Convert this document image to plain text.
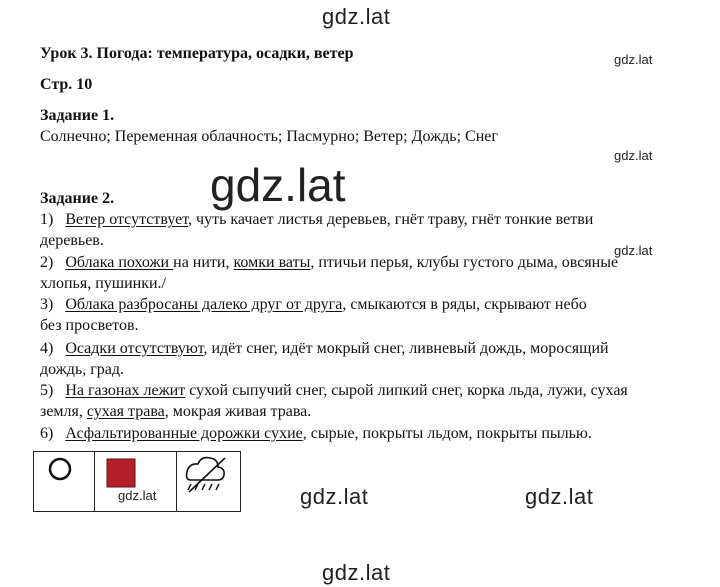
gdz.lat
gdz.lat
gdz.lat
gdz.lat
gdz.lat
Урок 3. Погода: температура, осадки, ветер
Стр. 10
Задание 1.
Солнечно; Переменная облачность; Пасмурно; Ветер; Дождь; Снег
Задание 2.
1) Ветер отсутствует, чуть качает листья деревьев, гнёт траву, гнёт тонкие ветви
деревьев.
2) Облака похожи на нити, комки ваты, птичьи перья, клубы густого дыма, овсяные
хлопья, пушинки./
3) Облака разбросаны далеко друг от друга, смыкаются в ряды, скрывают небо
без просветов.
4) Осадки отсутствуют, идёт снег, идёт мокрый снег, ливневый дождь, моросящий
дождь, град.
5) На газонах лежит сухой сыпучий снег, сырой липкий снег, корка льда, лужи, сухая
земля, сухая трава, мокрая живая трава.
6) Асфальтированные дорожки сухие, сырые, покрыты льдом, покрыты пылью.
gdz.lat	gdz.lat	gdz.lat
gdz.lat
